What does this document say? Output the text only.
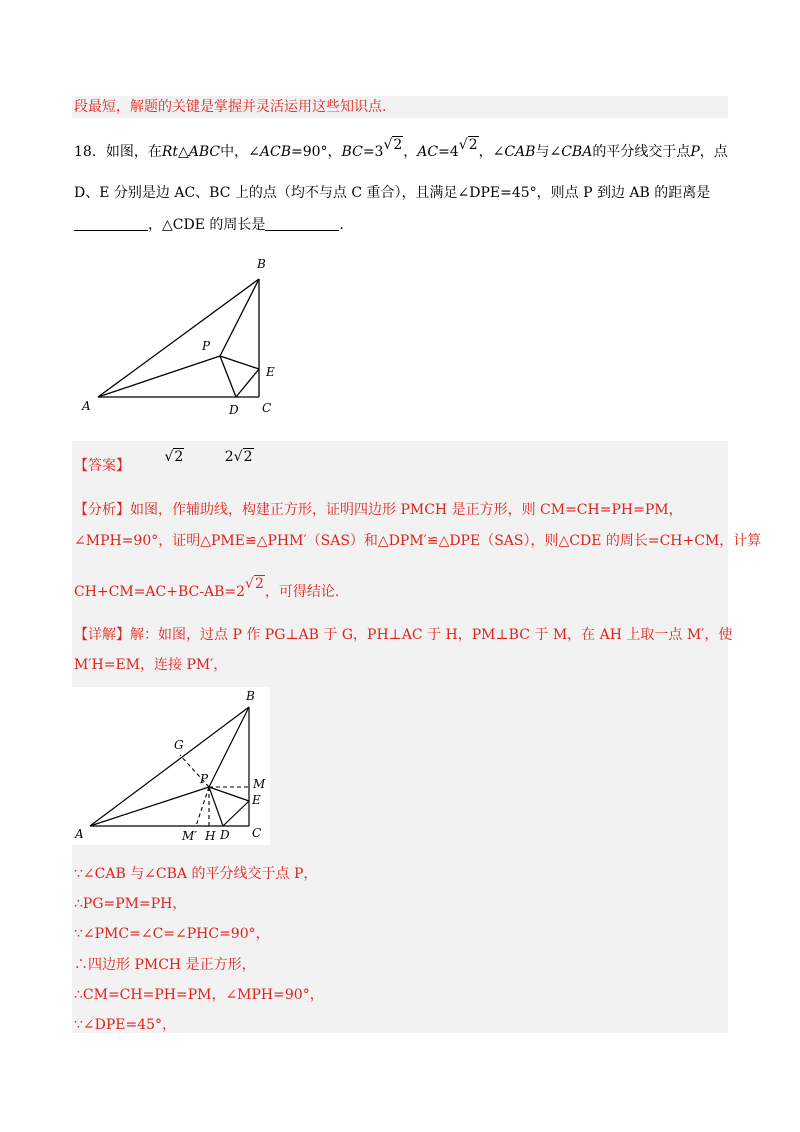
段最短，解题的关键是掌握并灵活运用这些知识点.
18．如图，在Rt△ABC中，∠ACB=90°，BC=3√2，AC=4√2，∠CAB与∠CBA的平分线交于点P，点
D、E 分别是边 AC、BC 上的点（均不与点 C 重合），且满足∠DPE=45°，则点 P 到边 AB 的距离是
，△CDE 的周长是	.
B
P
E
A	D C
【答案】 √2	2√2
【分析】如图，作辅助线，构建正方形，证明四边形 PMCH 是正方形，则 CM=CH=PH=PM，
∠MPH=90°，证明△PME≌△PHM′（SAS）和△DPM′≌△DPE（SAS），则△CDE 的周长=CH+CM，计算
CH+CM=AC+BC-AB=2√2，可得结论.
【详解】解：如图，过点 P 作 PG⊥AB 于 G，PH⊥AC 于 H，PM⊥BC 于 M，在 AH 上取一点 M′，使
M′H=EM，连接 PM′，
G
B
P	M
E
A	M′ H D C
∵∠CAB 与∠CBA 的平分线交于点 P，
∴PG=PM=PH，
∵∠PMC=∠C=∠PHC=90°，
∴四边形 PMCH 是正方形，
∴CM=CH=PH=PM，∠MPH=90°，
∵∠DPE=45°，
